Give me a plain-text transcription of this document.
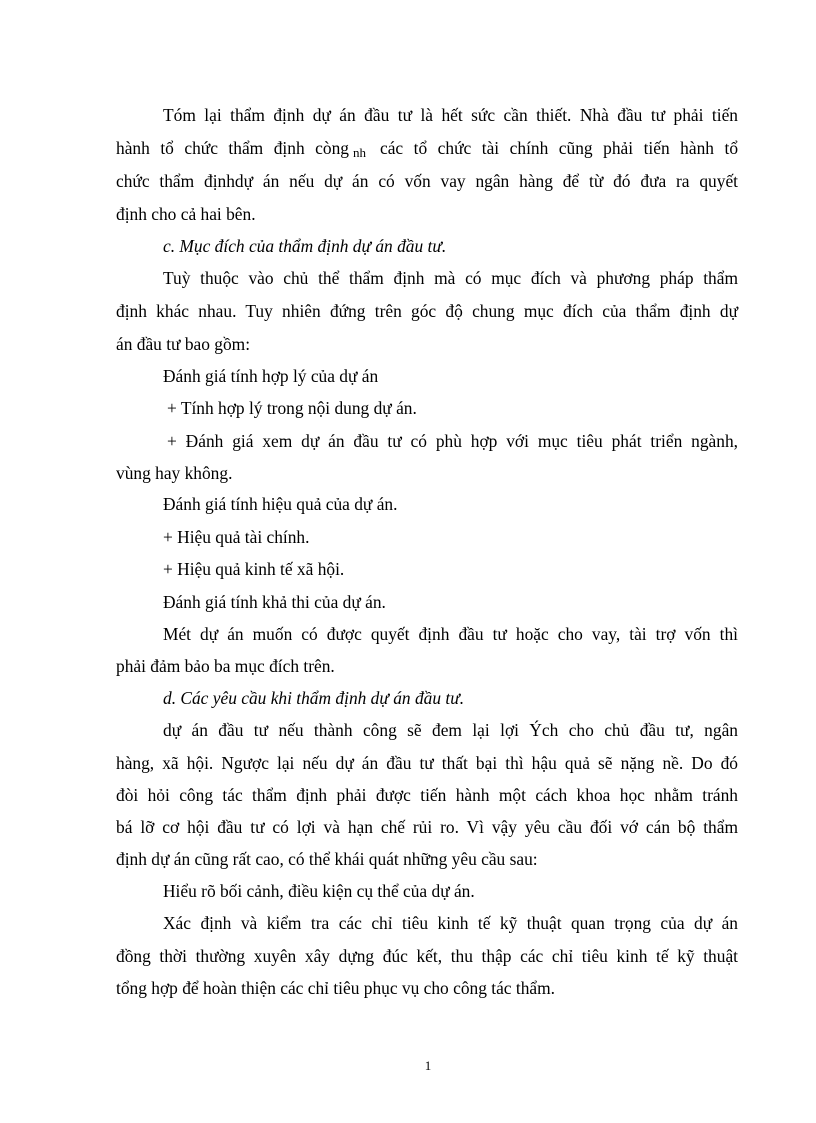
Tóm lại thẩm định dự án đầu tư là hết sức cần thiết. Nhà đầu tư phải tiến
hành tổ chức thẩm định còng nh các tổ chức tài chính cũng phải tiến hành tổ
chức thẩm địnhdự án nếu dự án có vốn vay ngân hàng để từ đó đưa ra quyết
định cho cả hai bên.
c. Mục đích của thẩm định dự án đầu tư.
Tuỳ thuộc vào chủ thể thẩm định mà có mục đích và phương pháp thẩm
định khác nhau. Tuy nhiên đứng trên góc độ chung mục đích của thẩm định dự
án đầu tư bao gồm:
Đánh giá tính hợp lý của dự án
+ Tính hợp lý trong nội dung dự án.
+ Đánh giá xem dự án đầu tư có phù hợp với mục tiêu phát triển ngành,
vùng hay không.
Đánh giá tính hiệu quả của dự án.
+ Hiệu quả tài chính.
+ Hiệu quả kinh tế xã hội.
Đánh giá tính khả thi của dự án.
Mét dự án muốn có được quyết định đầu tư hoặc cho vay, tài trợ vốn thì
phải đảm bảo ba mục đích trên.
d. Các yêu cầu khi thẩm định dự án đầu tư.
dự án đầu tư nếu thành công sẽ đem lại lợi Ých cho chủ đầu tư, ngân
hàng, xã hội. Ngược lại nếu dự án đầu tư thất bại thì hậu quả sẽ nặng nề. Do đó
đòi hỏi công tác thẩm định phải được tiến hành một cách khoa học nhằm tránh
bá lỡ cơ hội đầu tư có lợi và hạn chế rủi ro. Vì vậy yêu cầu đối vớ cán bộ thẩm
định dự án cũng rất cao, có thể khái quát những yêu cầu sau:
Hiểu rõ bối cảnh, điều kiện cụ thể của dự án.
Xác định và kiểm tra các chỉ tiêu kinh tế kỹ thuật quan trọng của dự án
đồng thời thường xuyên xây dựng đúc kết, thu thập các chỉ tiêu kinh tế kỹ thuật
tổng hợp để hoàn thiện các chỉ tiêu phục vụ cho công tác thẩm.
1
